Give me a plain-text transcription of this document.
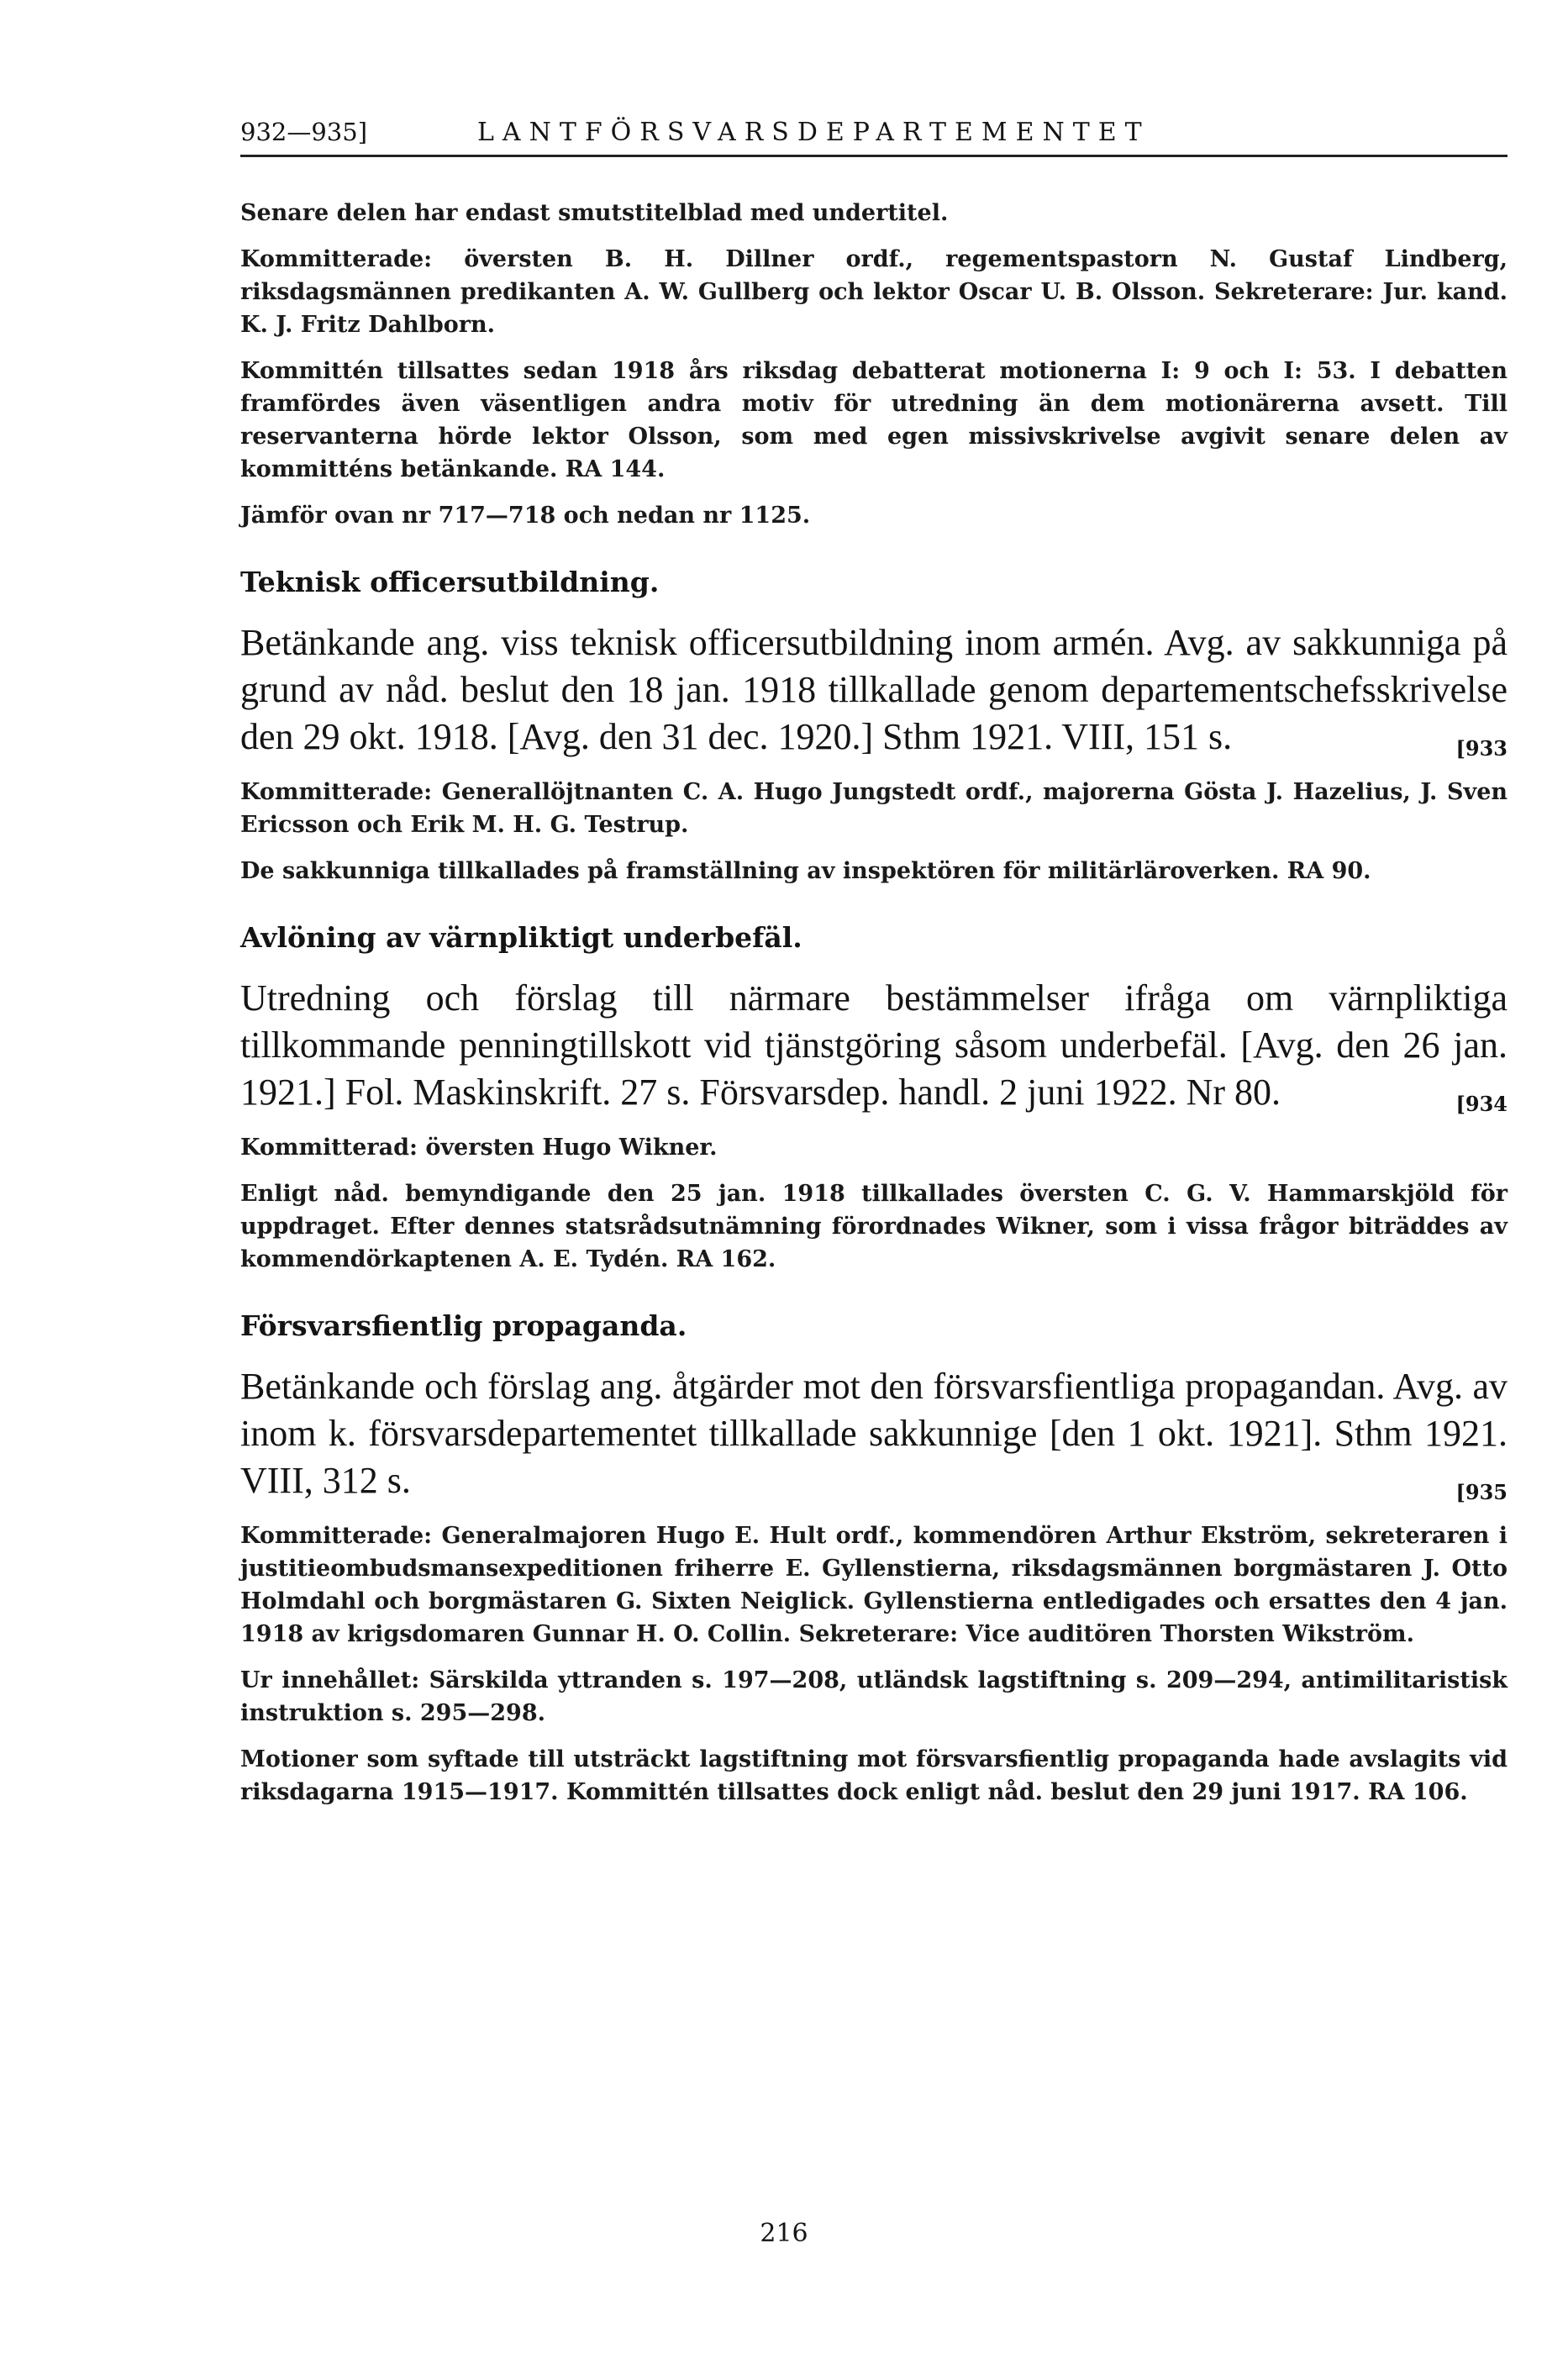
932—935]	LANTFÖRSVARSDEPARTEMENTET

Senare delen har endast smutstitelblad med undertitel.

Kommitterade: översten B. H. Dillner ordf., regementspastorn N. Gustaf Lindberg, riksdagsmännen predikanten A. W. Gullberg och lektor Oscar U. B. Olsson. Sekreterare: Jur. kand. K. J. Fritz Dahlborn.

Kommittén tillsattes sedan 1918 års riksdag debatterat motionerna I: 9 och I: 53. I debatten framfördes även väsentligen andra motiv för utredning än dem motionärerna avsett. Till reservanterna hörde lektor Olsson, som med egen missivskrivelse avgivit senare delen av kommitténs betänkande. RA 144.

Jämför ovan nr 717—718 och nedan nr 1125.

Teknisk officersutbildning.

Betänkande ang. viss teknisk officersutbildning inom armén. Avg. av sakkunniga på grund av nåd. beslut den 18 jan. 1918 tillkallade genom departementschefsskrivelse den 29 okt. 1918. [Avg. den 31 dec. 1920.] Sthm 1921. VIII, 151 s.	[933

Kommitterade: Generallöjtnanten C. A. Hugo Jungstedt ordf., majorerna Gösta J. Hazelius, J. Sven Ericsson och Erik M. H. G. Testrup.

De sakkunniga tillkallades på framställning av inspektören för militärläroverken. RA 90.

Avlöning av värnpliktigt underbefäl.

Utredning och förslag till närmare bestämmelser ifråga om värnpliktiga tillkommande penningtillskott vid tjänstgöring såsom underbefäl. [Avg. den 26 jan. 1921.] Fol. Maskinskrift. 27 s. Försvarsdep. handl. 2 juni 1922. Nr 80.	[934

Kommitterad: översten Hugo Wikner.

Enligt nåd. bemyndigande den 25 jan. 1918 tillkallades översten C. G. V. Hammarskjöld för uppdraget. Efter dennes statsrådsutnämning förordnades Wikner, som i vissa frågor biträddes av kommendörkaptenen A. E. Tydén. RA 162.

Försvarsfientlig propaganda.

Betänkande och förslag ang. åtgärder mot den försvarsfientliga propagandan. Avg. av inom k. försvarsdepartementet tillkallade sakkunnige [den 1 okt. 1921]. Sthm 1921. VIII, 312 s.	[935

Kommitterade: Generalmajoren Hugo E. Hult ordf., kommendören Arthur Ekström, sekreteraren i justitieombudsmansexpeditionen friherre E. Gyllenstierna, riksdagsmännen borgmästaren J. Otto Holmdahl och borgmästaren G. Sixten Neiglick. Gyllenstierna entledigades och ersattes den 4 jan. 1918 av krigsdomaren Gunnar H. O. Collin. Sekreterare: Vice auditören Thorsten Wikström.

Ur innehållet: Särskilda yttranden s. 197—208, utländsk lagstiftning s. 209—294, antimilitaristisk instruktion s. 295—298.

Motioner som syftade till utsträckt lagstiftning mot försvarsfientlig propaganda hade avslagits vid riksdagarna 1915—1917. Kommittén tillsattes dock enligt nåd. beslut den 29 juni 1917. RA 106.

216
